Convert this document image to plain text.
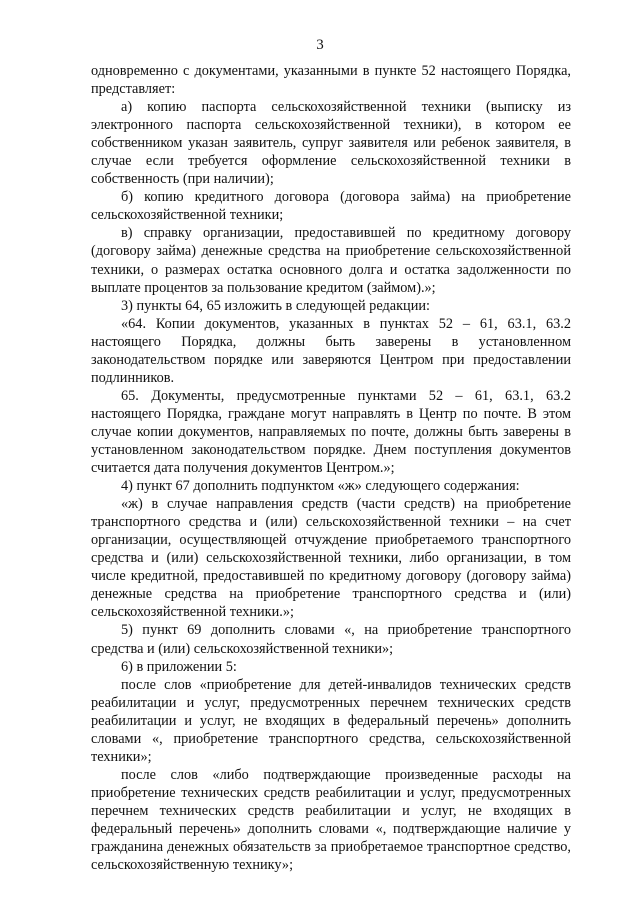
3

одновременно с документами, указанными в пункте 52 настоящего Порядка, представляет:

а) копию паспорта сельскохозяйственной техники (выписку из электронного паспорта сельскохозяйственной техники), в котором ее собственником указан заявитель, супруг заявителя или ребенок заявителя, в случае если требуется оформление сельскохозяйственной техники в собственность (при наличии);

б) копию кредитного договора (договора займа) на приобретение сельскохозяйственной техники;

в) справку организации, предоставившей по кредитному договору (договору займа) денежные средства на приобретение сельскохозяйственной техники, о размерах остатка основного долга и остатка задолженности по выплате процентов за пользование кредитом (займом).»;

3) пункты 64, 65 изложить в следующей редакции:

«64. Копии документов, указанных в пунктах 52 – 61, 63.1, 63.2 настоящего Порядка, должны быть заверены в установленном законодательством порядке или заверяются Центром при предоставлении подлинников.

65. Документы, предусмотренные пунктами 52 – 61, 63.1, 63.2 настоящего Порядка, граждане могут направлять в Центр по почте. В этом случае копии документов, направляемых по почте, должны быть заверены в установленном законодательством порядке. Днем поступления документов считается дата получения документов Центром.»;

4) пункт 67 дополнить подпунктом «ж» следующего содержания:

«ж) в случае направления средств (части средств) на приобретение транспортного средства и (или) сельскохозяйственной техники – на счет организации, осуществляющей отчуждение приобретаемого транспортного средства и (или) сельскохозяйственной техники, либо организации, в том числе кредитной, предоставившей по кредитному договору (договору займа) денежные средства на приобретение транспортного средства и (или) сельскохозяйственной техники.»;

5) пункт 69 дополнить словами «, на приобретение транспортного средства и (или) сельскохозяйственной техники»;

6) в приложении 5:

после слов «приобретение для детей-инвалидов технических средств реабилитации и услуг, предусмотренных перечнем технических средств реабилитации и услуг, не входящих в федеральный перечень» дополнить словами «, приобретение транспортного средства, сельскохозяйственной техники»;

после слов «либо подтверждающие произведенные расходы на приобретение технических средств реабилитации и услуг, предусмотренных перечнем технических средств реабилитации и услуг, не входящих в федеральный перечень» дополнить словами «, подтверждающие наличие у гражданина денежных обязательств за приобретаемое транспортное средство, сельскохозяйственную технику»;
